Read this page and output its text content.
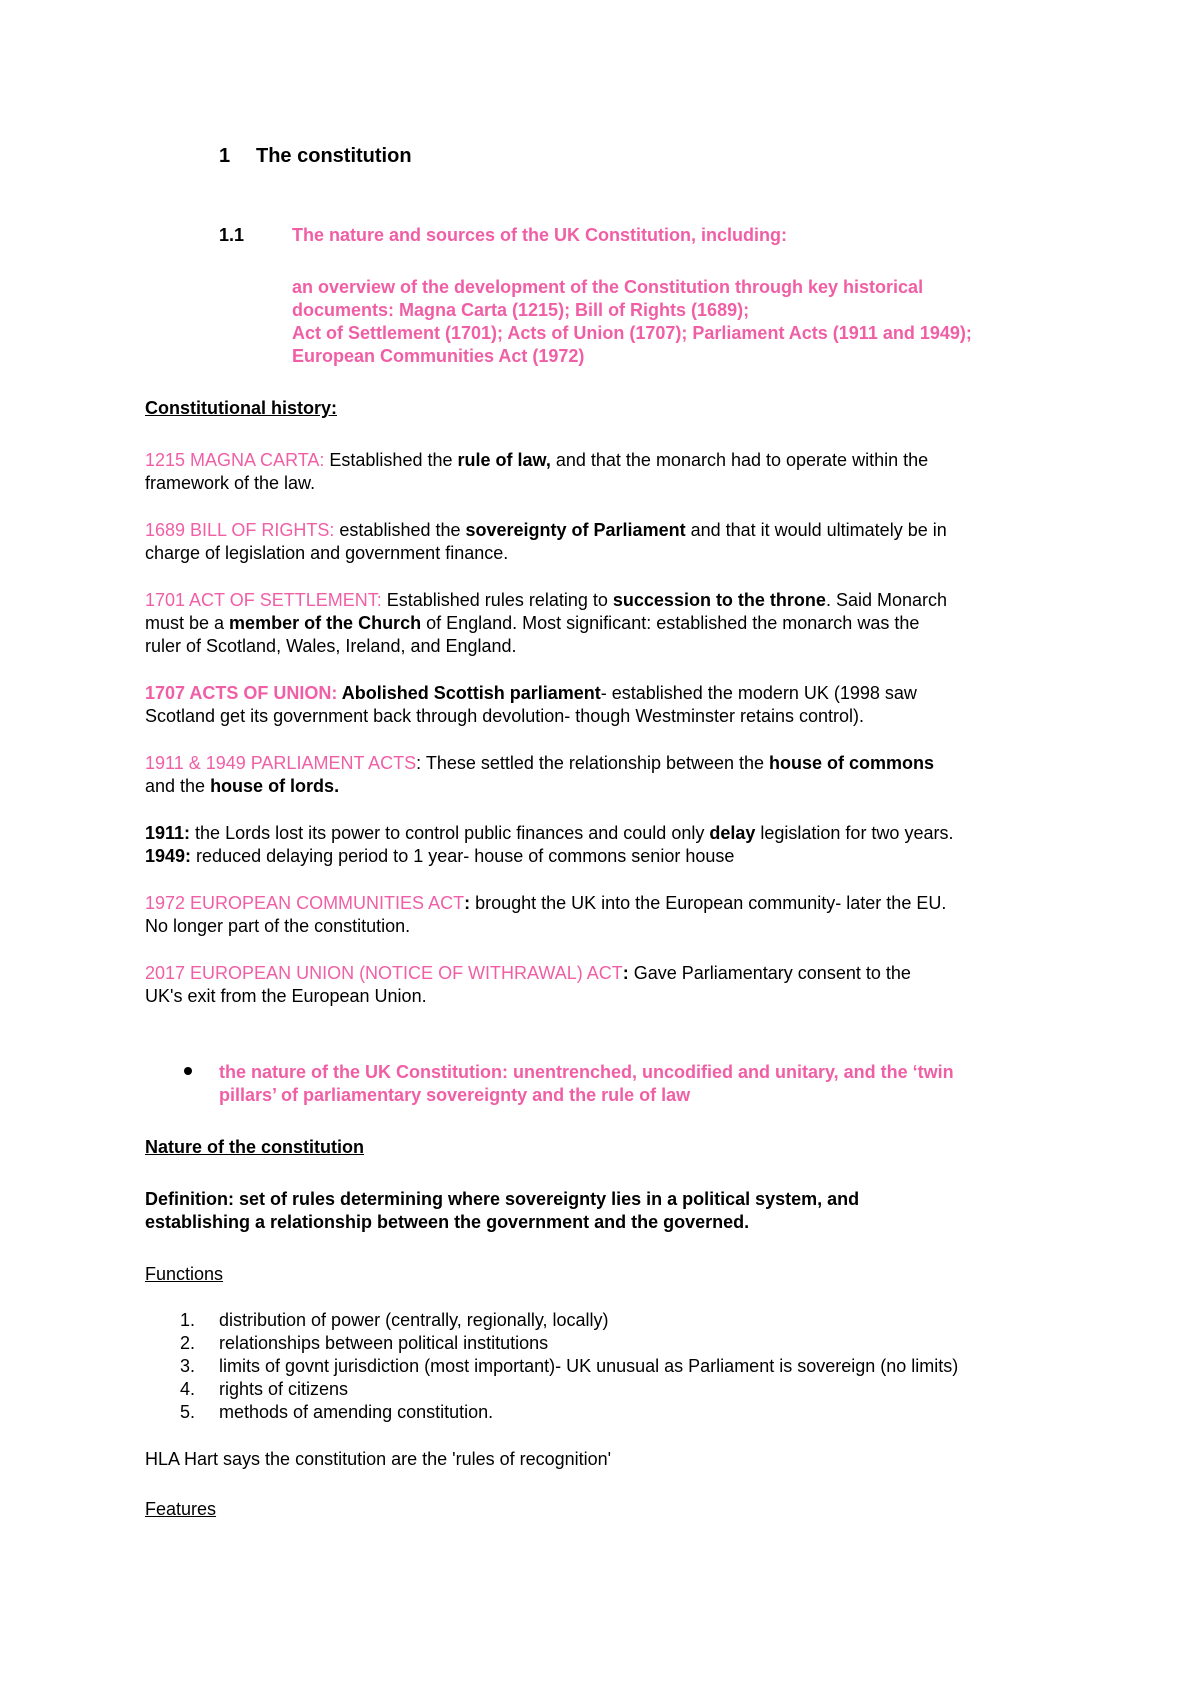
1 The constitution
1.1	The nature and sources of the UK Constitution, including:
an overview of the development of the Constitution through key historical
documents: Magna Carta (1215); Bill of Rights (1689);
Act of Settlement (1701); Acts of Union (1707); Parliament Acts (1911 and 1949);
European Communities Act (1972)
Constitutional history:
1215 MAGNA CARTA: Established the rule of law, and that the monarch had to operate within the
framework of the law.
1689 BILL OF RIGHTS: established the sovereignty of Parliament and that it would ultimately be in
charge of legislation and government finance.
1701 ACT OF SETTLEMENT: Established rules relating to succession to the throne. Said Monarch
must be a member of the Church of England. Most significant: established the monarch was the
ruler of Scotland, Wales, Ireland, and England.
1707 ACTS OF UNION: Abolished Scottish parliament- established the modern UK (1998 saw
Scotland get its government back through devolution- though Westminster retains control).
1911 & 1949 PARLIAMENT ACTS: These settled the relationship between the house of commons
and the house of lords.
1911: the Lords lost its power to control public finances and could only delay legislation for two years.
1949: reduced delaying period to 1 year- house of commons senior house
1972 EUROPEAN COMMUNITIES ACT: brought the UK into the European community- later the EU.
No longer part of the constitution.
2017 EUROPEAN UNION (NOTICE OF WITHRAWAL) ACT: Gave Parliamentary consent to the
UK's exit from the European Union.
the nature of the UK Constitution: unentrenched, uncodified and unitary, and the ‘twin
pillars’ of parliamentary sovereignty and the rule of law
Nature of the constitution
Definition: set of rules determining where sovereignty lies in a political system, and
establishing a relationship between the government and the governed.
Functions
1. distribution of power (centrally, regionally, locally)
2. relationships between political institutions
3. limits of govnt jurisdiction (most important)- UK unusual as Parliament is sovereign (no limits)
4. rights of citizens
5. methods of amending constitution.
HLA Hart says the constitution are the 'rules of recognition'
Features
